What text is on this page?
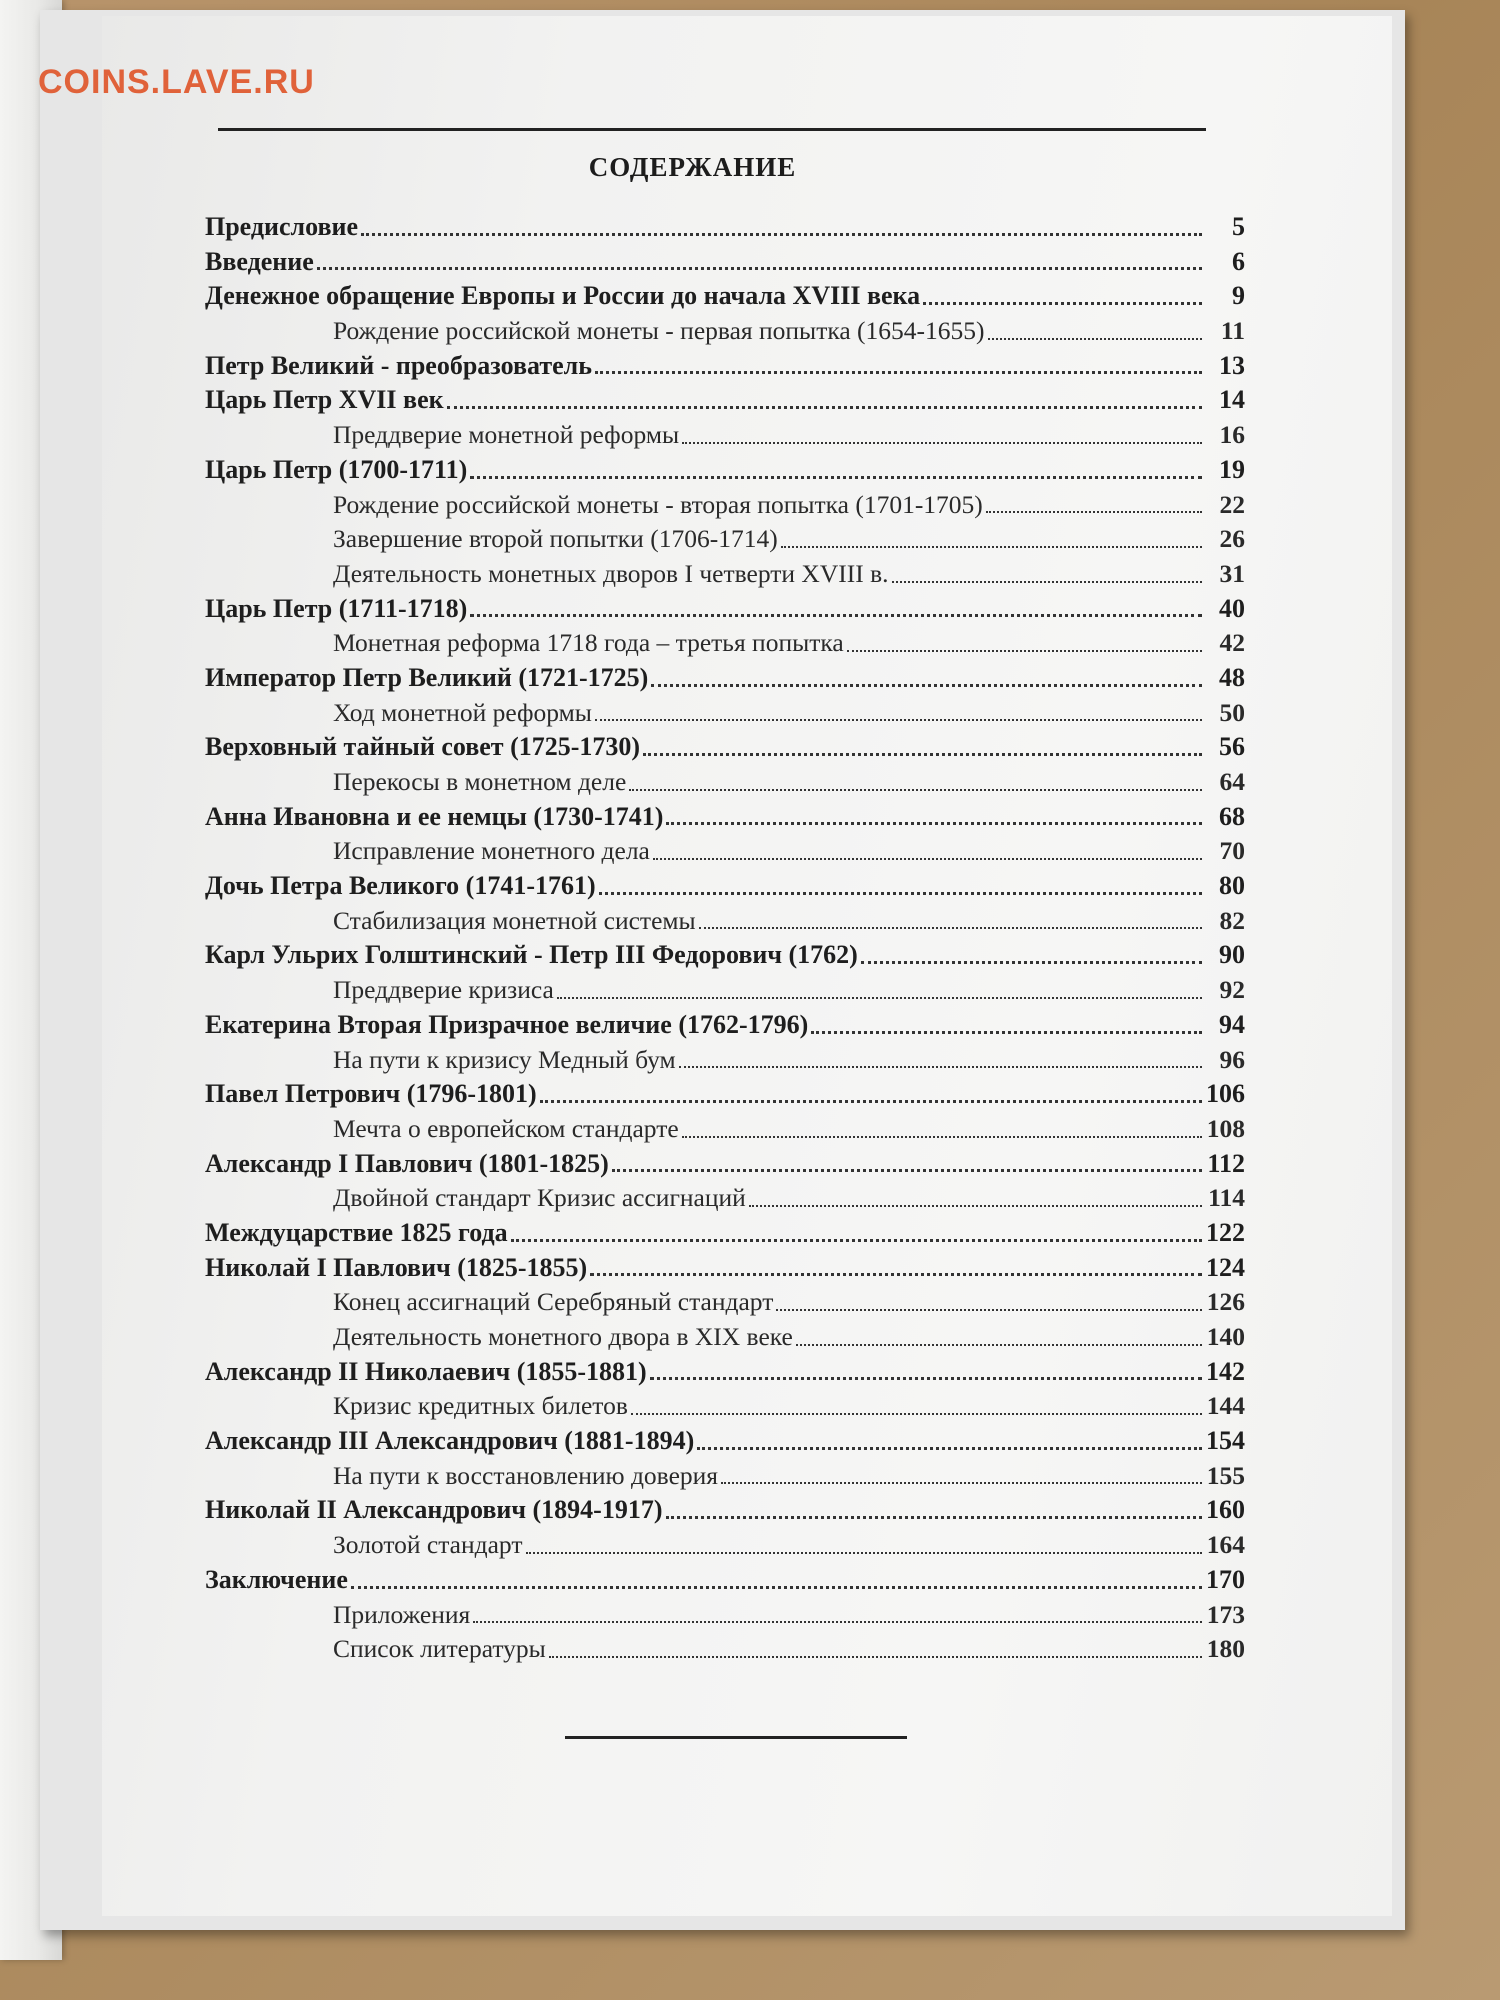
COINS.LAVE.RU
СОДЕРЖАНИЕ
Предисловие	5
Введение	6
Денежное обращение Европы и России до начала XVIII века	9
Рождение российской монеты - первая попытка (1654-1655)	11
Петр Великий - преобразователь	13
Царь Петр XVII век	14
Преддверие монетной реформы	16
Царь Петр (1700-1711)	19
Рождение российской монеты - вторая попытка (1701-1705)	22
Завершение второй попытки (1706-1714)	26
Деятельность монетных дворов I четверти XVIII в.	31
Царь Петр (1711-1718)	40
Монетная реформа 1718 года – третья попытка	42
Император Петр Великий (1721-1725)	48
Ход монетной реформы	50
Верховный тайный совет (1725-1730)	56
Перекосы в монетном деле	64
Анна Ивановна и ее немцы (1730-1741)	68
Исправление монетного дела	70
Дочь Петра Великого (1741-1761)	80
Стабилизация монетной системы	82
Карл Ульрих Голштинский - Петр III Федорович (1762)	90
Преддверие кризиса	92
Екатерина Вторая Призрачное величие (1762-1796)	94
На пути к кризису Медный бум	96
Павел Петрович (1796-1801)	106
Мечта о европейском стандарте	108
Александр I Павлович (1801-1825)	112
Двойной стандарт Кризис ассигнаций	114
Междуцарствие 1825 года	122
Николай I Павлович (1825-1855)	124
Конец ассигнаций Серебряный стандарт	126
Деятельность монетного двора в XIX веке	140
Александр II Николаевич (1855-1881)	142
Кризис кредитных билетов	144
Александр III Александрович (1881-1894)	154
На пути к восстановлению доверия	155
Николай II Александрович (1894-1917)	160
Золотой стандарт	164
Заключение	170
Приложения	173
Список литературы	180
